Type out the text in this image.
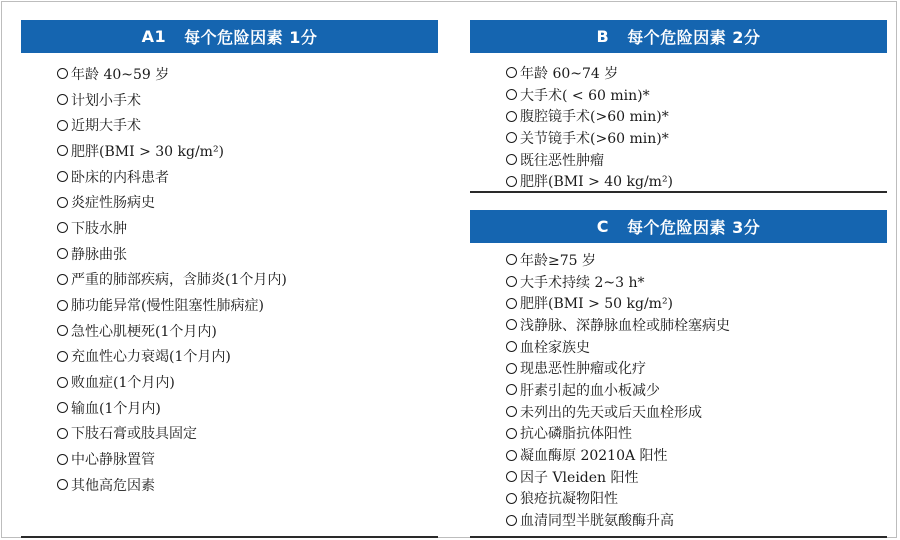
A1 每个危险因素 1分
年龄 40~59 岁
计划小手术
近期大手术
肥胖(BMI > 30 kg/m²)
卧床的内科患者
炎症性肠病史
下肢水肿
静脉曲张
严重的肺部疾病，含肺炎(1个月内)
肺功能异常(慢性阻塞性肺病症)
急性心肌梗死(1个月内)
充血性心力衰竭(1个月内)
败血症(1个月内)
输血(1个月内)
下肢石膏或肢具固定
中心静脉置管
其他高危因素
B 每个危险因素 2分
年龄 60~74 岁
大手术( < 60 min)*
腹腔镜手术(>60 min)*
关节镜手术(>60 min)*
既往恶性肿瘤
肥胖(BMI > 40 kg/m²)
C 每个危险因素 3分
年龄≥75 岁
大手术持续 2~3 h*
肥胖(BMI > 50 kg/m²)
浅静脉、深静脉血栓或肺栓塞病史
血栓家族史
现患恶性肿瘤或化疗
肝素引起的血小板减少
未列出的先天或后天血栓形成
抗心磷脂抗体阳性
凝血酶原 20210A 阳性
因子 Vleiden 阳性
狼疮抗凝物阳性
血清同型半胱氨酸酶升高
